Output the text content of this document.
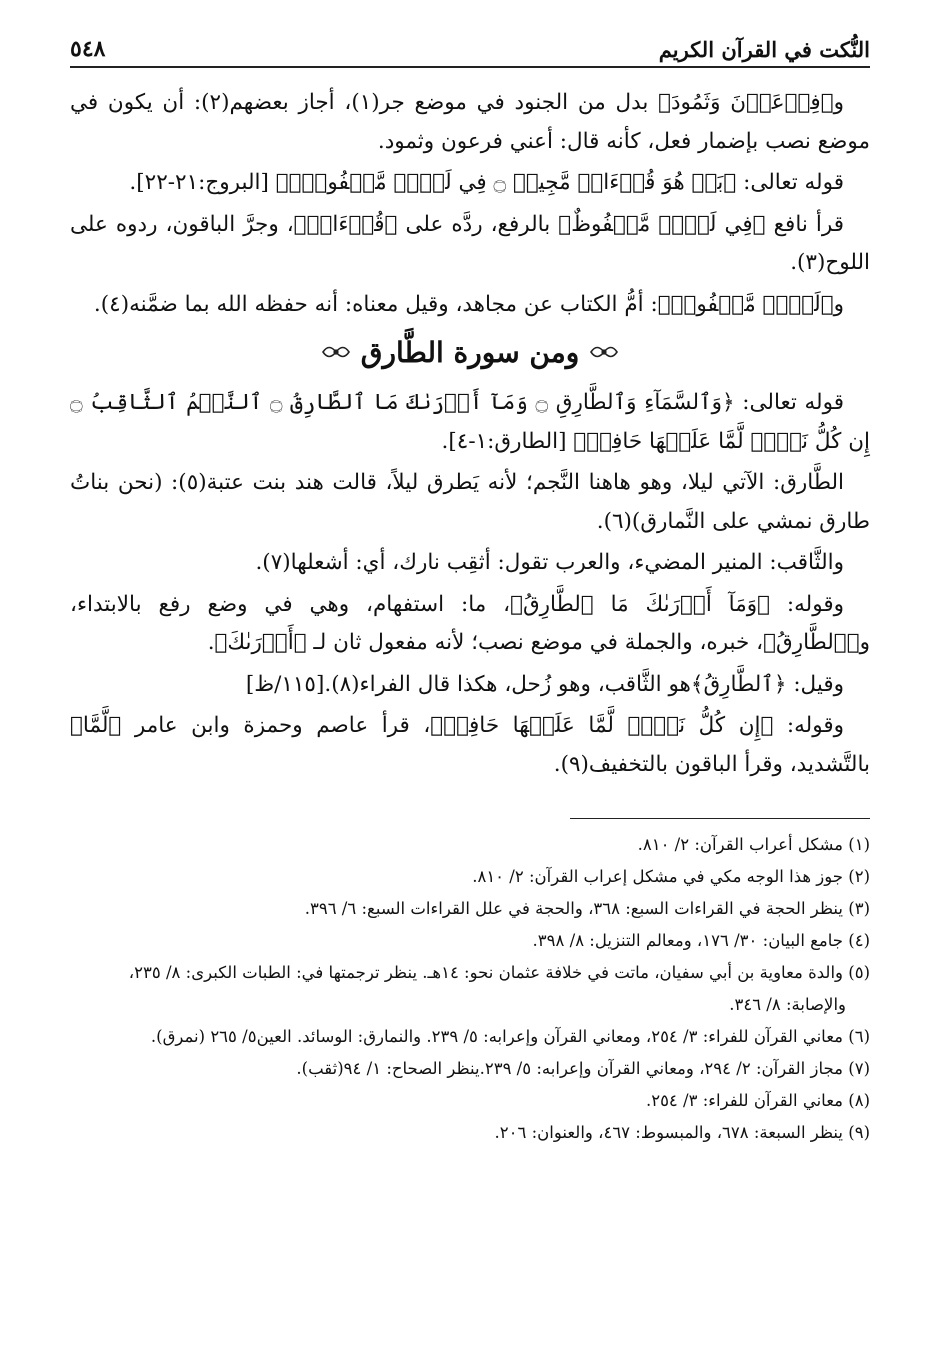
النُّكت في القرآن الكريم
٥٤٨

و﴿فِرۡعَوۡنَ وَثَمُودَ﴾ بدل من الجنود في موضع جر(١)، أجاز بعضهم(٢): أن يكون في موضع نصب بإضمار فعل، كأنه قال: أعني فرعون وثمود.

قوله تعالى: ﴿بَلۡ هُوَ قُرۡءَانٞ مَّجِيدٞ ۝ فِي لَوۡحٖ مَّحۡفُوظِۭ﴾ [البروج:٢١-٢٢].

قرأ نافع ﴿فِي لَوۡحٖ مَّحۡفُوظٌ﴾ بالرفع، ردَّه على ﴿قُرۡءَانٞ﴾، وجرَّ الباقون، ردوه على اللوح(٣).

و﴿لَوۡحٖ مَّحۡفُوظٖ﴾: أمُّ الكتاب عن مجاهد، وقيل معناه: أنه حفظه الله بما ضمَّنه(٤).

ومن سورة الطَّارق

قوله تعالى: ﴿وَٱلسَّمَآءِ وَٱلطَّارِقِ ۝ وَمَآ أَدۡرَىٰكَ مَا ٱلطَّارِقُ ۝ ٱلنَّجۡمُ ٱلثَّاقِبُ ۝ إِن كُلُّ نَفۡسٖ لَّمَّا عَلَيۡهَا حَافِظٞ﴾ [الطارق:١-٤].

الطَّارق: الآتي ليلا، وهو هاهنا النَّجم؛ لأنه يَطرق ليلاً، قالت هند بنت عتبة(٥): (نحن بناتُ طارق نمشي على النَّمارق)(٦).

والثَّاقب: المنير المضيء، والعرب تقول: أثقِب نارك، أي: أشعلها(٧).

وقوله: ﴿وَمَآ أَدۡرَىٰكَ مَا ٱلطَّارِقُ﴾، ما: استفهام، وهي في وضع رفع بالابتداء، و﴿ٱلطَّارِقُ﴾، خبره، والجملة في موضع نصب؛ لأنه مفعول ثان لـ ﴿أَدۡرَىٰكَ﴾.

وقيل: ﴿ٱلطَّارِقُ﴾هو الثَّاقب، وهو زُحل، هكذا قال الفراء(٨).[١١٥/ظ]

وقوله: ﴿إِن كُلُّ نَفۡسٖ لَّمَّا عَلَيۡهَا حَافِظٞ﴾، قرأ عاصم وحمزة وابن عامر ﴿لَّمَّا﴾ بالتَّشديد، وقرأ الباقون بالتخفيف(٩).

(١) مشكل أعراب القرآن: ٢/ ٨١٠.

(٢) جوز هذا الوجه مكي في مشكل إعراب القرآن: ٢/ ٨١٠.

(٣) ينظر الحجة في القراءات السبع: ٣٦٨، والحجة في علل القراءات السبع: ٦/ ٣٩٦.

(٤) جامع البيان: ٣٠/ ١٧٦، ومعالم التنزيل: ٨/ ٣٩٨.

(٥) والدة معاوية بن أبي سفيان، ماتت في خلافة عثمان نحو: ١٤هـ. ينظر ترجمتها في: الطبات الكبرى: ٨/ ٢٣٥،

والإصابة: ٨/ ٣٤٦.

(٦) معاني القرآن للفراء: ٣/ ٢٥٤، ومعاني القرآن وإعرابه: ٥/ ٢٣٩. والنمارق: الوسائد. العين٥/ ٢٦٥ (نمرق).

(٧) مجاز القرآن: ٢/ ٢٩٤، ومعاني القرآن وإعرابه: ٥/ ٢٣٩.ينظر الصحاح: ١/ ٩٤(ثقب).

(٨) معاني القرآن للفراء: ٣/ ٢٥٤.

(٩) ينظر السبعة: ٦٧٨، والمبسوط: ٤٦٧، والعنوان: ٢٠٦.
